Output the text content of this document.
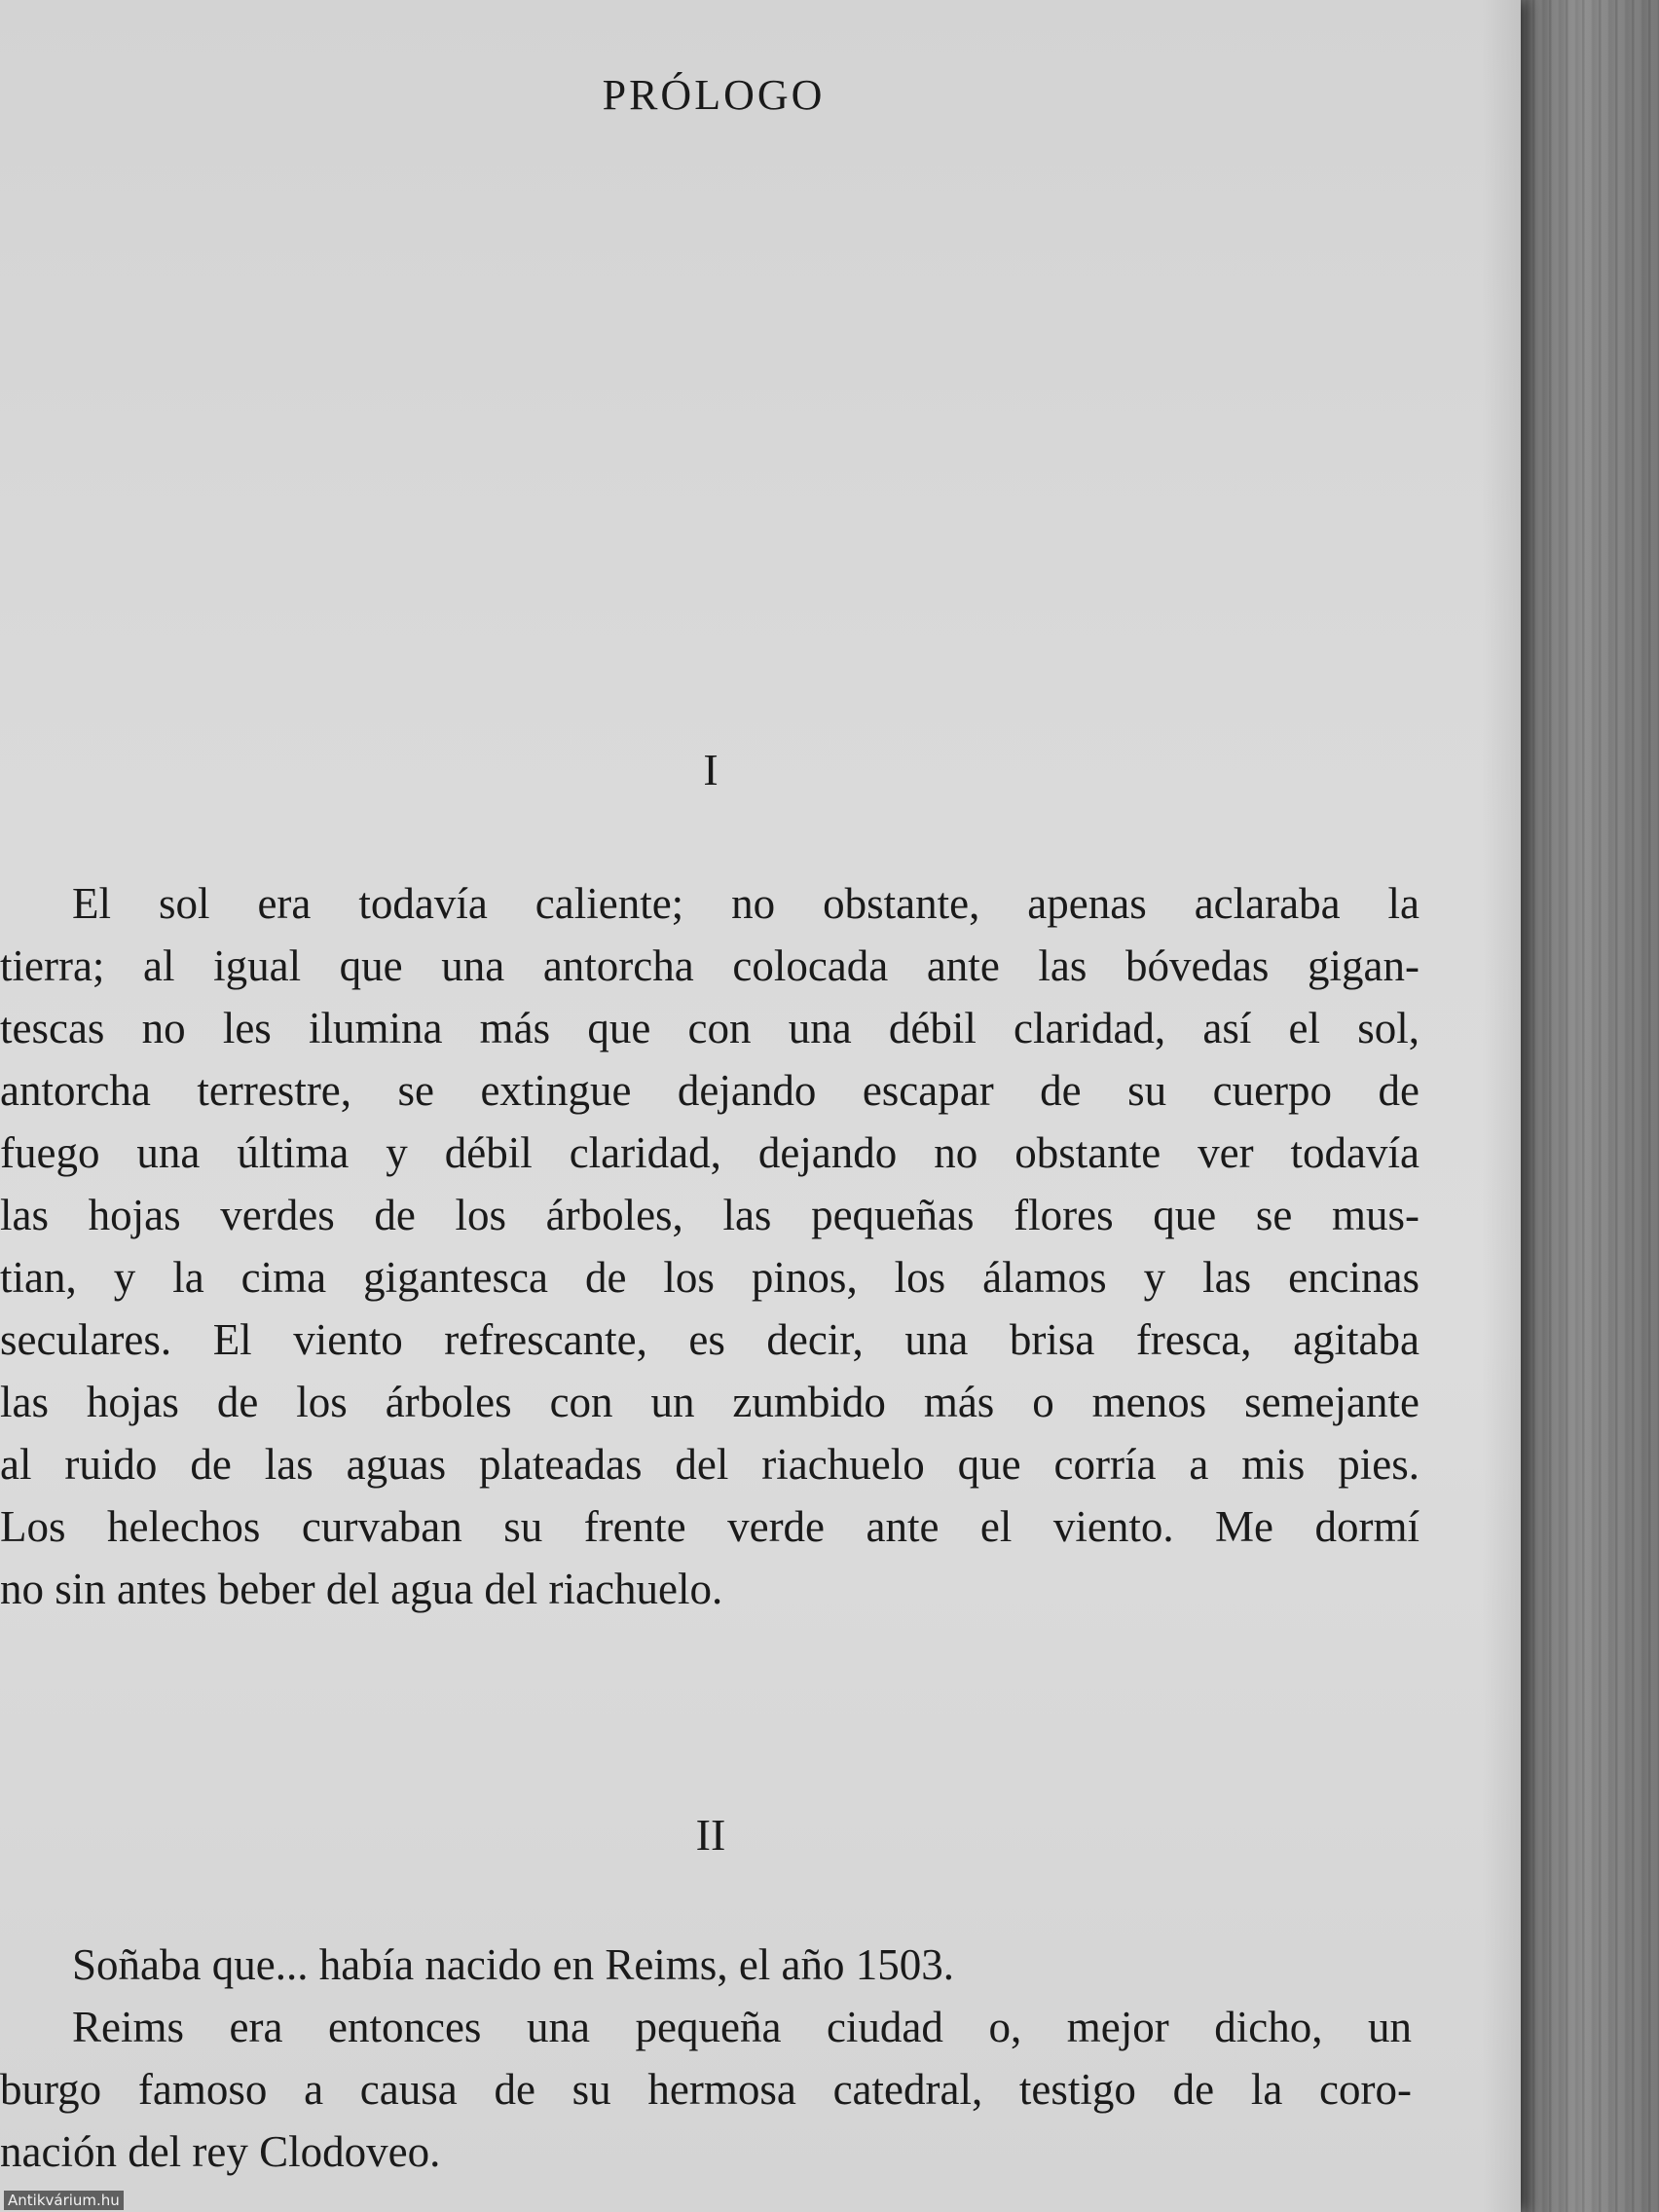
PRÓLOGO
I
El sol era todavía caliente; no obstante, apenas aclaraba la
tierra; al igual que una antorcha colocada ante las bóvedas gigan-
tescas no les ilumina más que con una débil claridad, así el sol,
antorcha terrestre, se extingue dejando escapar de su cuerpo de
fuego una última y débil claridad, dejando no obstante ver todavía
las hojas verdes de los árboles, las pequeñas flores que se mus-
tian, y la cima gigantesca de los pinos, los álamos y las encinas
seculares. El viento refrescante, es decir, una brisa fresca, agitaba
las hojas de los árboles con un zumbido más o menos semejante
al ruido de las aguas plateadas del riachuelo que corría a mis pies.
Los helechos curvaban su frente verde ante el viento. Me dormí
no sin antes beber del agua del riachuelo.
II
Soñaba que... había nacido en Reims, el año 1503.
Reims era entonces una pequeña ciudad o, mejor dicho, un
burgo famoso a causa de su hermosa catedral, testigo de la coro-
nación del rey Clodoveo.
Antikvárium.hu
